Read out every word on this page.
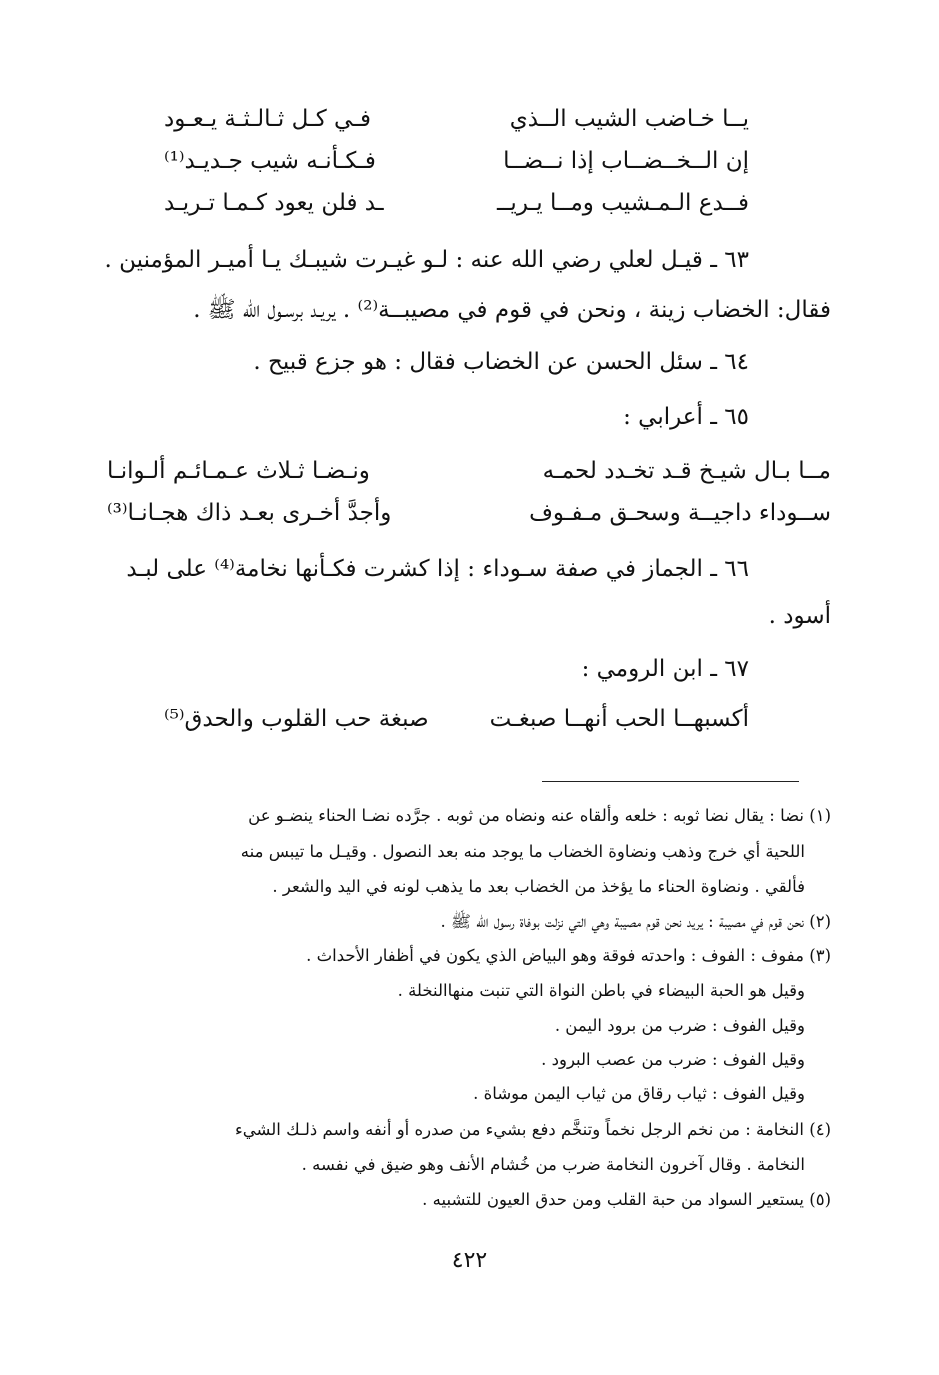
يــا خـاضب الشيب الــذي
فـي كـل ثـالـثـة يـعـود
إن الــخــضــاب إذا نــضــا
فـكـأنـه شيب جـديـد⁽¹⁾
فــدع الـمـشيب ومــا يـريــ
ـد فلن يعود كـمـا تـريـد
٦٣ ـ قيـل لعلي رضي الله عنه : لـو غيـرت شيبـك يـا أميـر المؤمنين .
فقال: الخضاب زينة ، ونحن في قوم في مصيبــة⁽²⁾ . يريـد برسـول الله ﷺ .
٦٤ ـ سئل الحسن عن الخضاب فقال : هو جزع قبيح .
٦٥ ـ أعرابي :
مــا بـال شيـخ قـد تخـدد لحمـه
ونـضـا ثـلاث عـمـائـم ألـوانـا
ســوداء داجيــة وسحـق مـفـوف
وأجدَّ أخـرى بعـد ذاك هجـانـا⁽³⁾
٦٦ ـ الجماز في صفة سـوداء : إذا كشرت فكـأنها نخامة⁽⁴⁾ على لبـد
أسود .
٦٧ ـ ابن الرومي :
أكسبهــا الحب أنهــا صبغـت
صبغة حب القلوب والحدق⁽⁵⁾
(١) نضا : يقال نضا ثوبه : خلعه وألقاه عنه ونضاه من ثوبه . جرَّده نضـا الحناء ينضـو عن
اللحية أي خرج وذهب ونضاوة الخضاب ما يوجد منه بعد النصول . وقيـل ما تيبس منه
فألقي . ونضاوة الحناء ما يؤخذ من الخضاب بعد ما يذهب لونه في اليد والشعر .
(٢) نحن قوم في مصيبة : يريد نحن قوم مصيبة وهي التي نزلت بوفاة رسول الله ﷺ .
(٣) مفوف : الفوف : واحدته فوقة وهو البياض الذي يكون في أظفار الأحداث .
وقيل هو الحبة البيضاء في باطن النواة التي تنبت منهاالنخلة .
وقيل الفوف : ضرب من برود اليمن .
وقيل الفوف : ضرب من عصب البرود .
وقيل الفوف : ثياب رقاق من ثياب اليمن موشاة .
(٤) النخامة : من نخم الرجل نخماً وتنخَّم دفع بشيء من صدره أو أنفه واسم ذلـك الشيء
النخامة . وقال آخرون النخامة ضرب من خُشام الأنف وهو ضيق في نفسه .
(٥) يستعير السواد من حبة القلب ومن حدق العيون للتشبيه .
٤٢٢
